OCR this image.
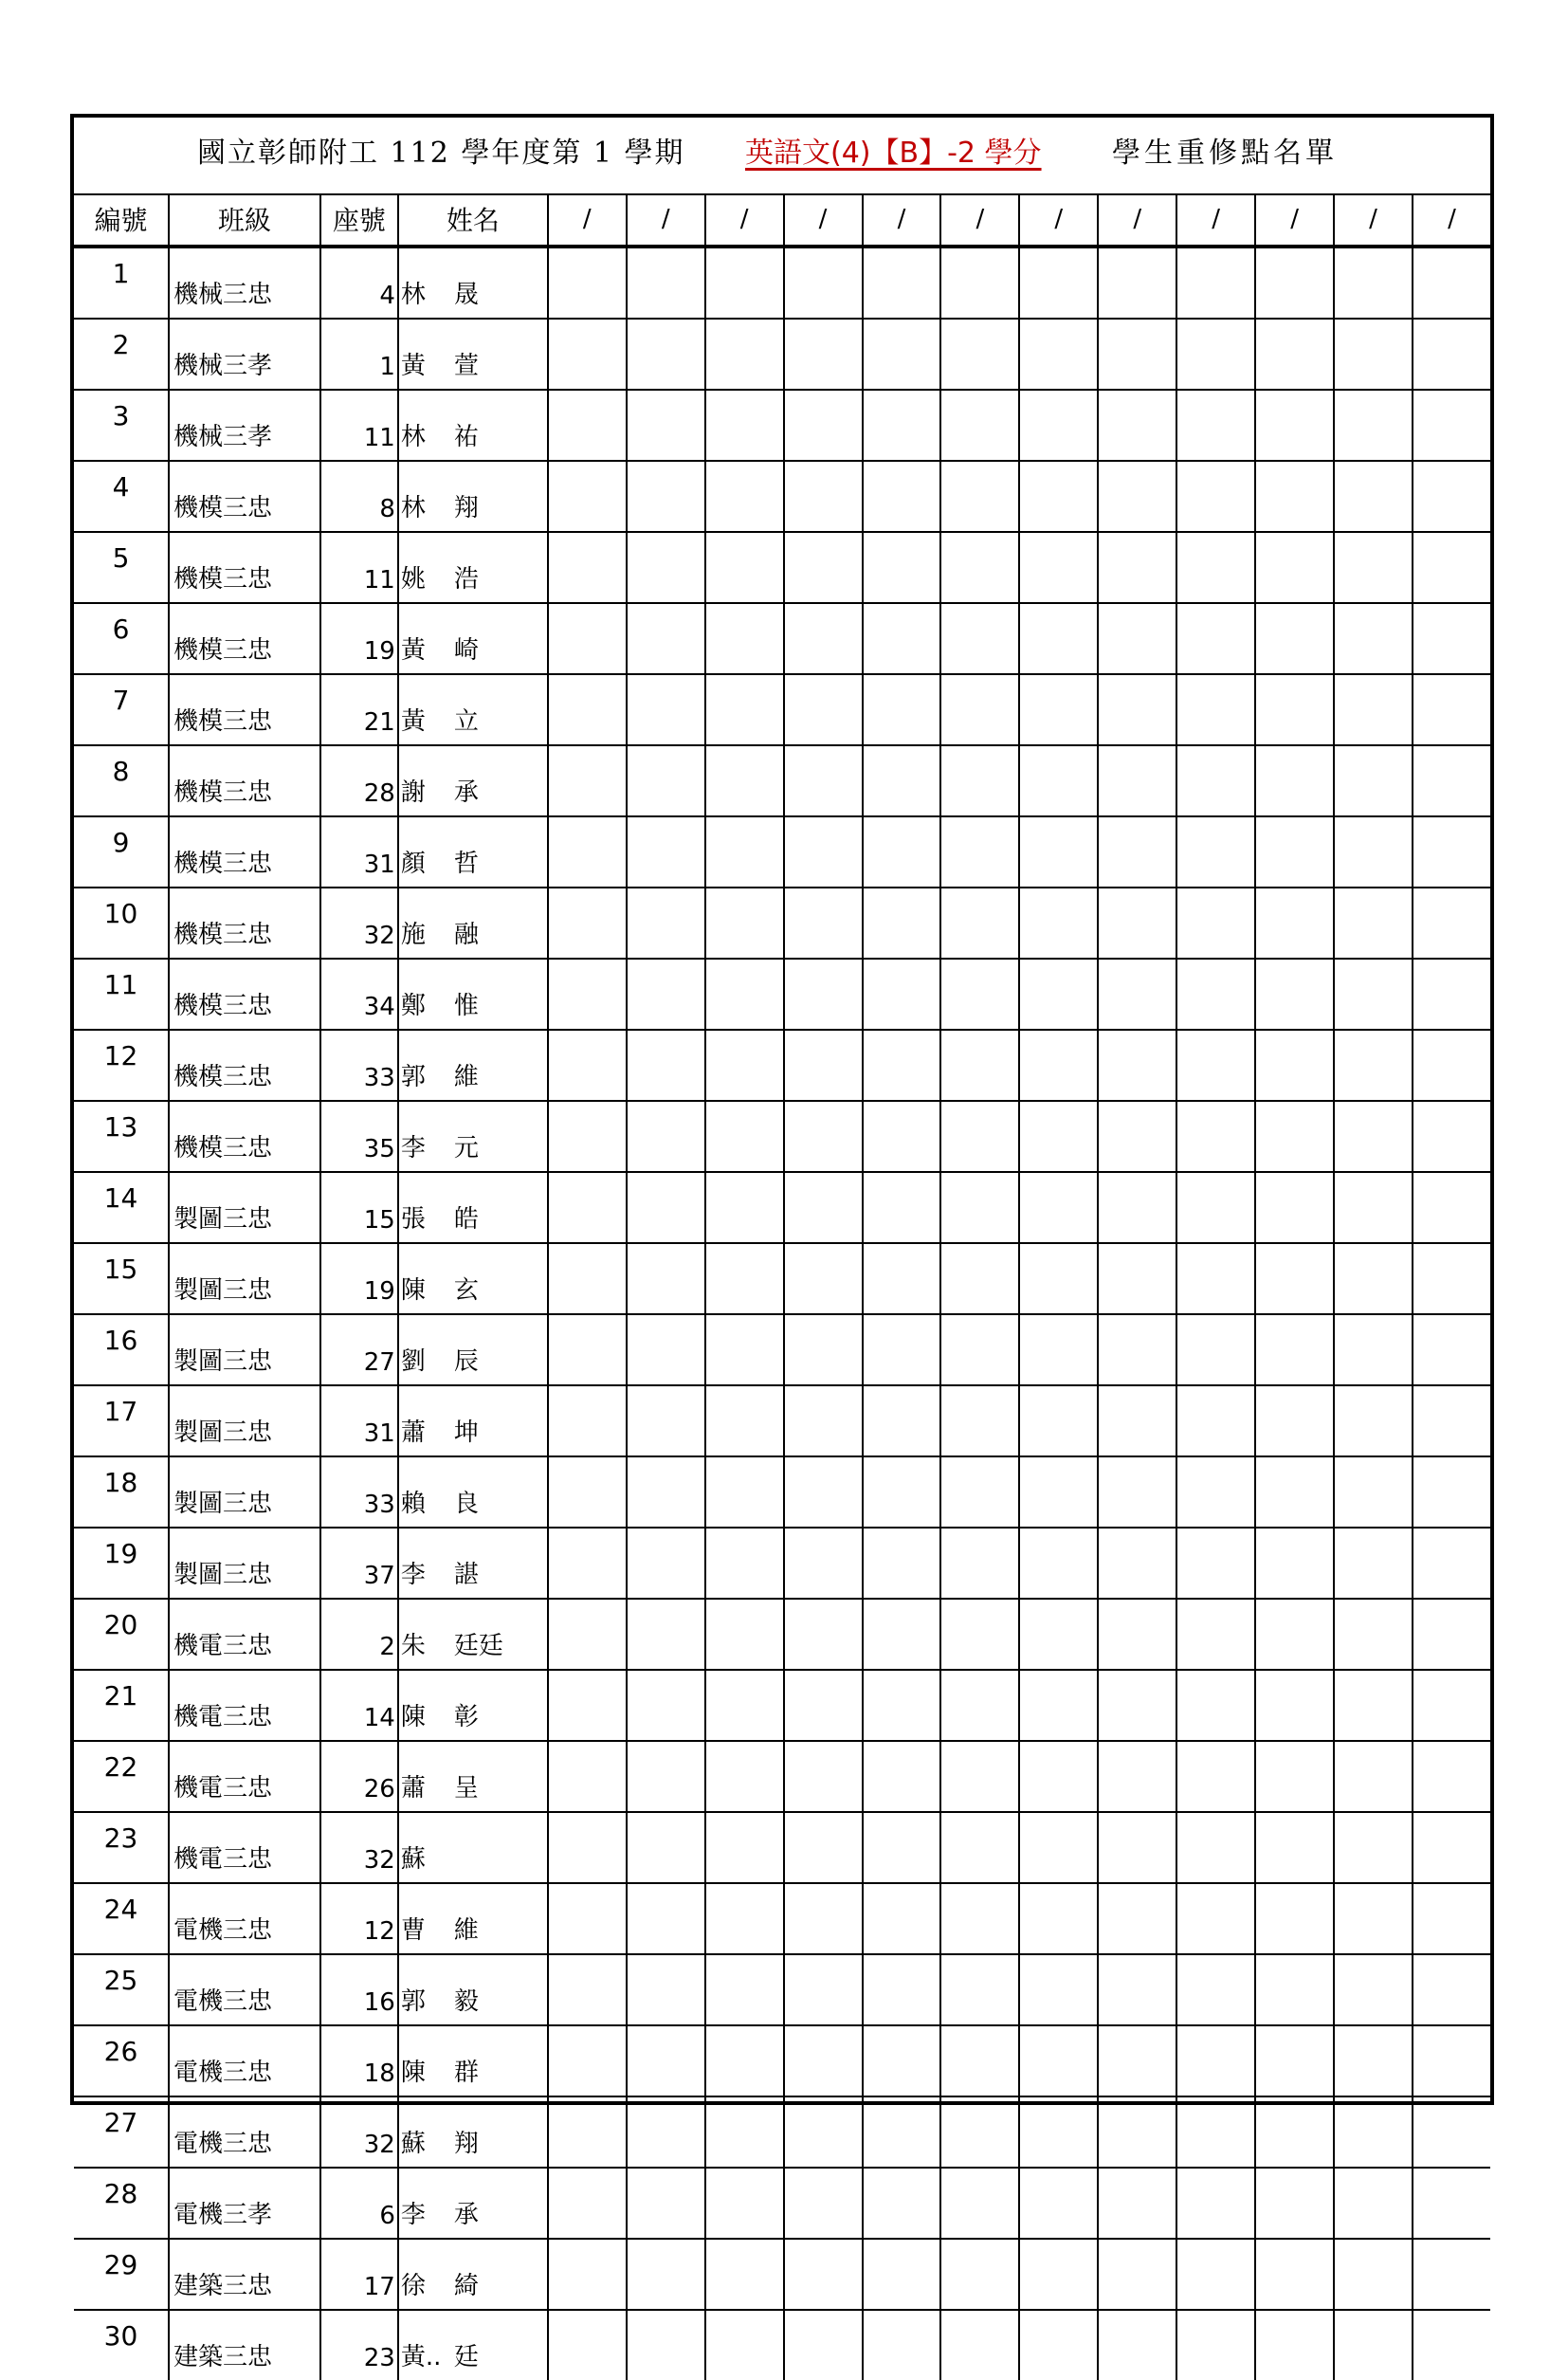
國立彰師附工 112 學年度第 1 學期 英語文(4)【B】-2 學分 學生重修點名單
編號	班級	座號	姓名	/	/	/	/	/	/	/	/	/	/	/	/
1	機械三忠	4	林 晟												
2	機械三孝	1	黃 萱												
3	機械三孝	11	林 祐												
4	機模三忠	8	林 翔												
5	機模三忠	11	姚 浩												
6	機模三忠	19	黃 崎												
7	機模三忠	21	黃 立												
8	機模三忠	28	謝 承												
9	機模三忠	31	顏 哲												
10	機模三忠	32	施 融												
11	機模三忠	34	鄭 惟												
12	機模三忠	33	郭 維												
13	機模三忠	35	李 元												
14	製圖三忠	15	張 皓												
15	製圖三忠	19	陳 玄												
16	製圖三忠	27	劉 辰												
17	製圖三忠	31	蕭 坤												
18	製圖三忠	33	賴 良												
19	製圖三忠	37	李 諶												
20	機電三忠	2	朱 廷廷												
21	機電三忠	14	陳 彰												
22	機電三忠	26	蕭 呈												
23	機電三忠	32	蘇												
24	電機三忠	12	曹 維												
25	電機三忠	16	郭 毅												
26	電機三忠	18	陳 群												
27	電機三忠	32	蘇 翔												
28	電機三孝	6	李 承												
29	建築三忠	17	徐 綺												
30	建築三忠	23	黃.. 廷												
